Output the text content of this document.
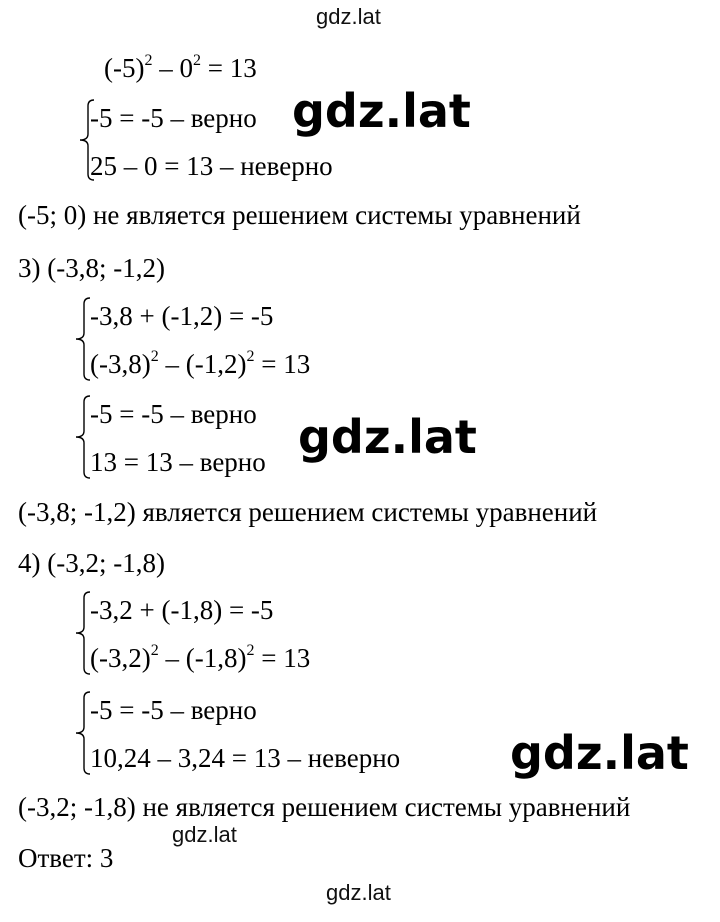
gdz.lat
gdz.lat
gdz.lat
gdz.lat
gdz.lat
gdz.lat
$(-5)^2 - 0^2 = 13$
-5 = -5 – верно
25 – 0 = 13 – неверно
(-5; 0) не является решением системы уравнений
3) (-3,8; -1,2)
-3,8 + (-1,2) = -5
$(-3,8)^2 - (-1,2)^2 = 13$
-5 = -5 – верно
13 = 13 – верно
(-3,8; -1,2) является решением системы уравнений
4) (-3,2; -1,8)
-3,2 + (-1,8) = -5
$(-3,2)^2 - (-1,8)^2 = 13$
-5 = -5 – верно
10,24 – 3,24 = 13 – неверно
(-3,2; -1,8) не является решением системы уравнений
Ответ: 3
